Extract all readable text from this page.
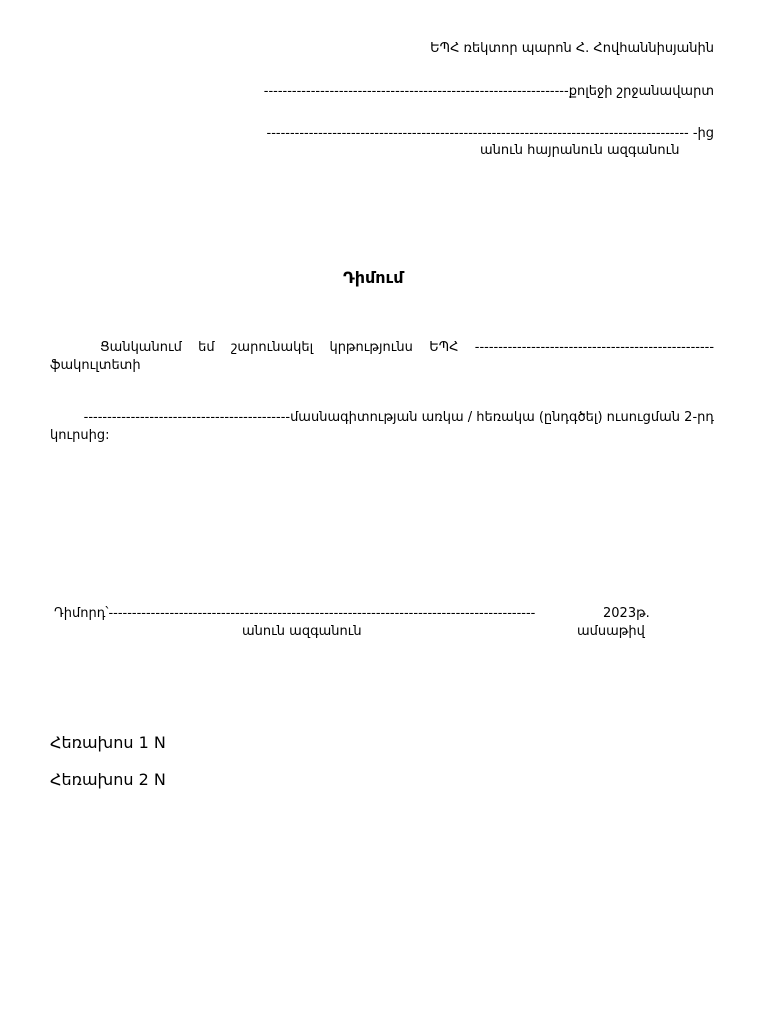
ԵՊՀ ռեկտոր պարոն Հ. Հովհաննիսյանին
-----------------------------------------------------------------քոլեջի շրջանավարտ
------------------------------------------------------------------------------------------ -ից
անուն հայրանուն ազգանուն
Դիմում
Ցանկանում եմ շարունակել կրթությունս ԵՊՀ ---------------------------------------------------
ֆակուլտետի
--------------------------------------------մասնագիտության առկա / հեռակա (ընդգծել) ուսուցման 2-րդ
կուրսից:
Դիմորդ՝-------------------------------------------------------------------------------------------	2023թ.
անուն ազգանուն	ամսաթիվ
Հեռախոս 1 N
Հեռախոս 2 N
